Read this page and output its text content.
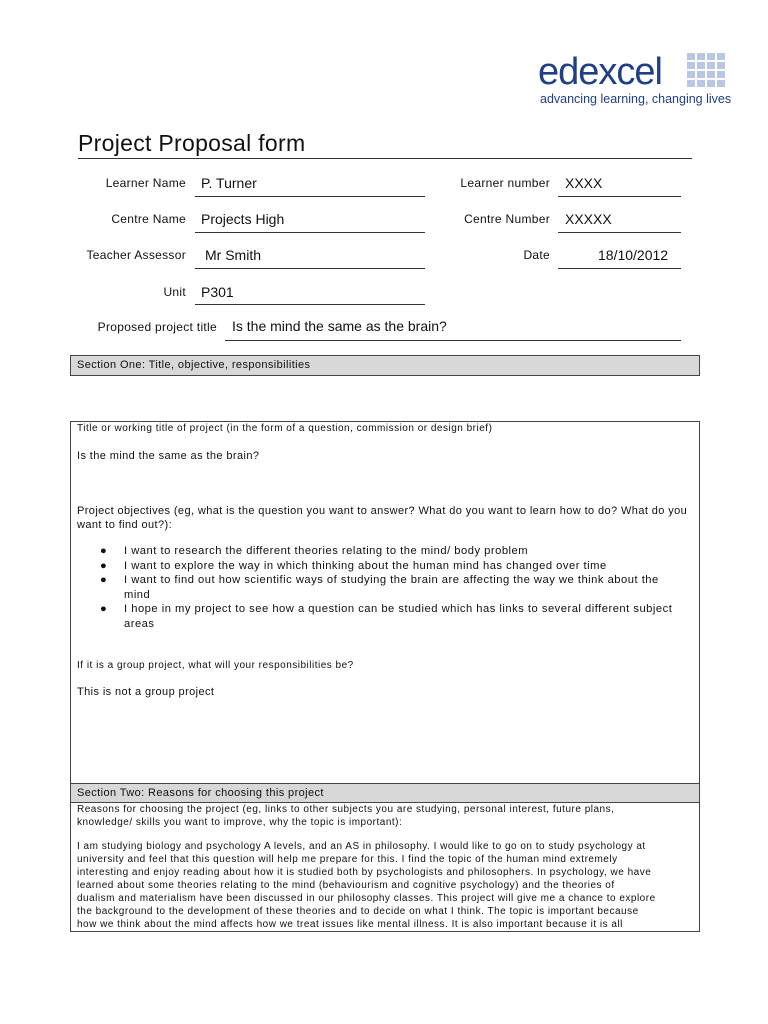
edexcel
advancing learning, changing lives
Project Proposal form
Learner Name P. Turner	Learner number XXXX
Centre Name Projects High	Centre Number XXXXX
Teacher Assessor Mr Smith	Date	18/10/2012
Unit P301
Proposed project title Is the mind the same as the brain?
Section One: Title, objective, responsibilities
Title or working title of project (in the form of a question, commission or design brief)
Is the mind the same as the brain?
Project objectives (eg, what is the question you want to answer? What do you want to learn how to do? What do you
want to find out?):
● I want to research the different theories relating to the mind/ body problem
● I want to explore the way in which thinking about the human mind has changed over time
● I want to find out how scientific ways of studying the brain are affecting the way we think about the mind
● I hope in my project to see how a question can be studied which has links to several different subject areas
If it is a group project, what will your responsibilities be?
This is not a group project
Section Two: Reasons for choosing this project
Reasons for choosing the project (eg, links to other subjects you are studying, personal interest, future plans,
knowledge/ skills you want to improve, why the topic is important):
I am studying biology and psychology A levels, and an AS in philosophy. I would like to go on to study psychology at
university and feel that this question will help me prepare for this. I find the topic of the human mind extremely
interesting and enjoy reading about how it is studied both by psychologists and philosophers. In psychology, we have
learned about some theories relating to the mind (behaviourism and cognitive psychology) and the theories of
dualism and materialism have been discussed in our philosophy classes. This project will give me a chance to explore
the background to the development of these theories and to decide on what I think. The topic is important because
how we think about the mind affects how we treat issues like mental illness. It is also important because it is all
